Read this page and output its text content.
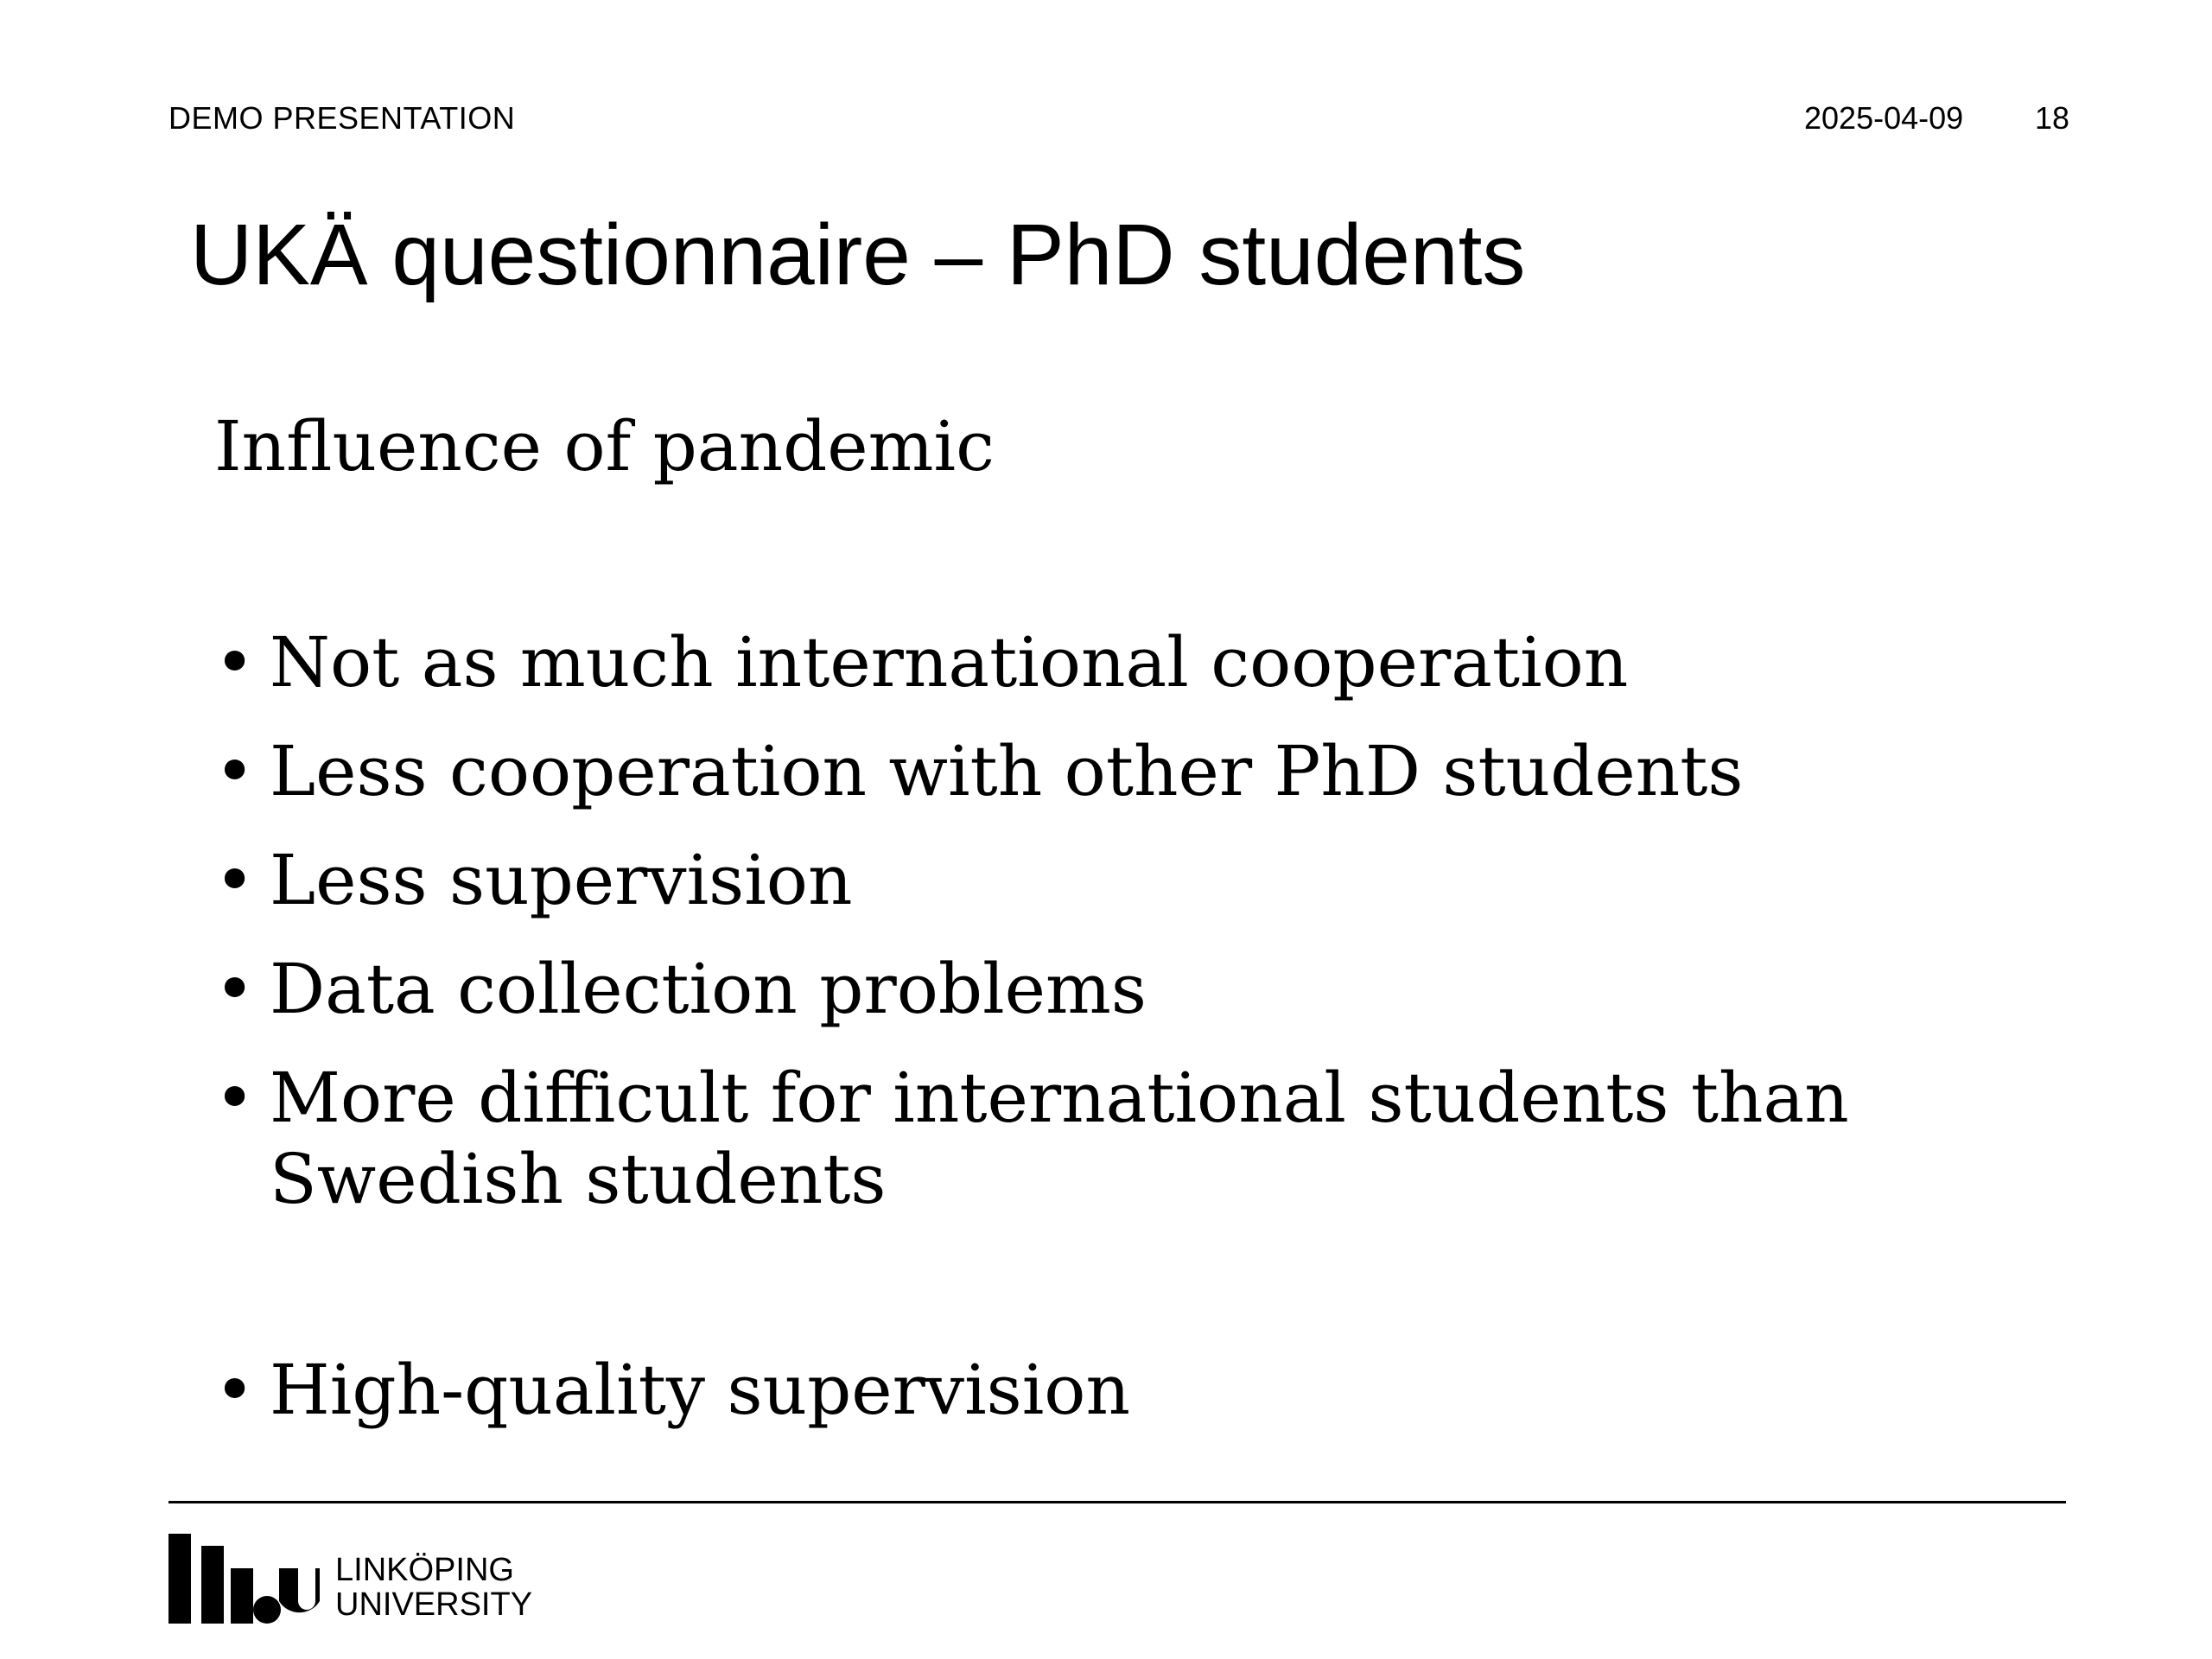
DEMO PRESENTATION	2025-04-09 18
UKÄ questionnaire – PhD students
Influence of pandemic
• Not as much international cooperation
• Less cooperation with other PhD students
• Less supervision
• Data collection problems
• More difficult for international students than Swedish students
• High-quality supervision
LINKÖPING
UNIVERSITY
